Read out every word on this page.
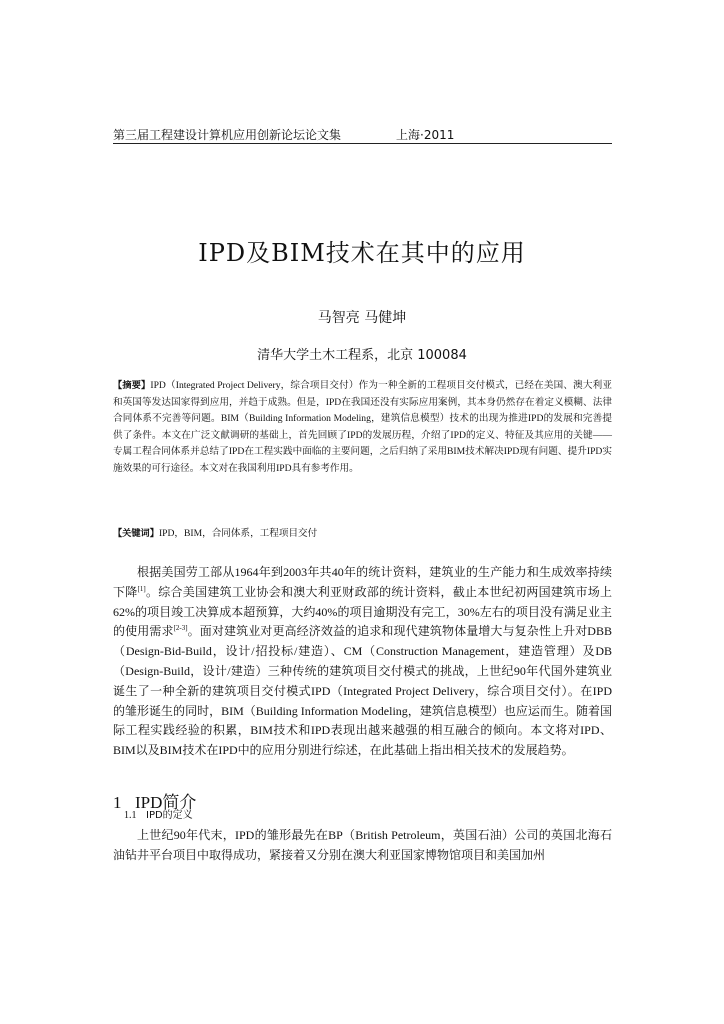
第三届工程建设计算机应用创新论坛论文集	上海·2011
IPD及BIM技术在其中的应用
马智亮 马健坤
清华大学土木工程系，北京 100084
【摘要】IPD（Integrated Project Delivery，综合项目交付）作为一种全新的工程项目交付模式，已经在美国、澳大利亚和英国等发达国家得到应用，并趋于成熟。但是，IPD在我国还没有实际应用案例，其本身仍然存在着定义模糊、法律合同体系不完善等问题。BIM（Building Information Modeling，建筑信息模型）技术的出现为推进IPD的发展和完善提供了条件。本文在广泛文献调研的基础上，首先回顾了IPD的发展历程，介绍了IPD的定义、特征及其应用的关键——专属工程合同体系并总结了IPD在工程实践中面临的主要问题，之后归纳了采用BIM技术解决IPD现有问题、提升IPD实施效果的可行途径。本文对在我国利用IPD具有参考作用。
【关键词】IPD，BIM，合同体系，工程项目交付
根据美国劳工部从1964年到2003年共40年的统计资料，建筑业的生产能力和生成效率持续下降[1]。综合美国建筑工业协会和澳大利亚财政部的统计资料，截止本世纪初两国建筑市场上62%的项目竣工决算成本超预算，大约40%的项目逾期没有完工，30%左右的项目没有满足业主的使用需求[2-3]。面对建筑业对更高经济效益的追求和现代建筑物体量增大与复杂性上升对DBB（Design-Bid-Build，设计/招投标/建造）、CM（Construction Management，建造管理）及DB（Design-Build，设计/建造）三种传统的建筑项目交付模式的挑战，上世纪90年代国外建筑业诞生了一种全新的建筑项目交付模式IPD（Integrated Project Delivery，综合项目交付）。在IPD的雏形诞生的同时，BIM（Building Information Modeling，建筑信息模型）也应运而生。随着国际工程实践经验的积累，BIM技术和IPD表现出越来越强的相互融合的倾向。本文将对IPD、BIM以及BIM技术在IPD中的应用分别进行综述，在此基础上指出相关技术的发展趋势。
1 IPD简介
1.1 IPD的定义
上世纪90年代末，IPD的雏形最先在BP（British Petroleum，英国石油）公司的英国北海石油钻井平台项目中取得成功，紧接着又分别在澳大利亚国家博物馆项目和美国加州
